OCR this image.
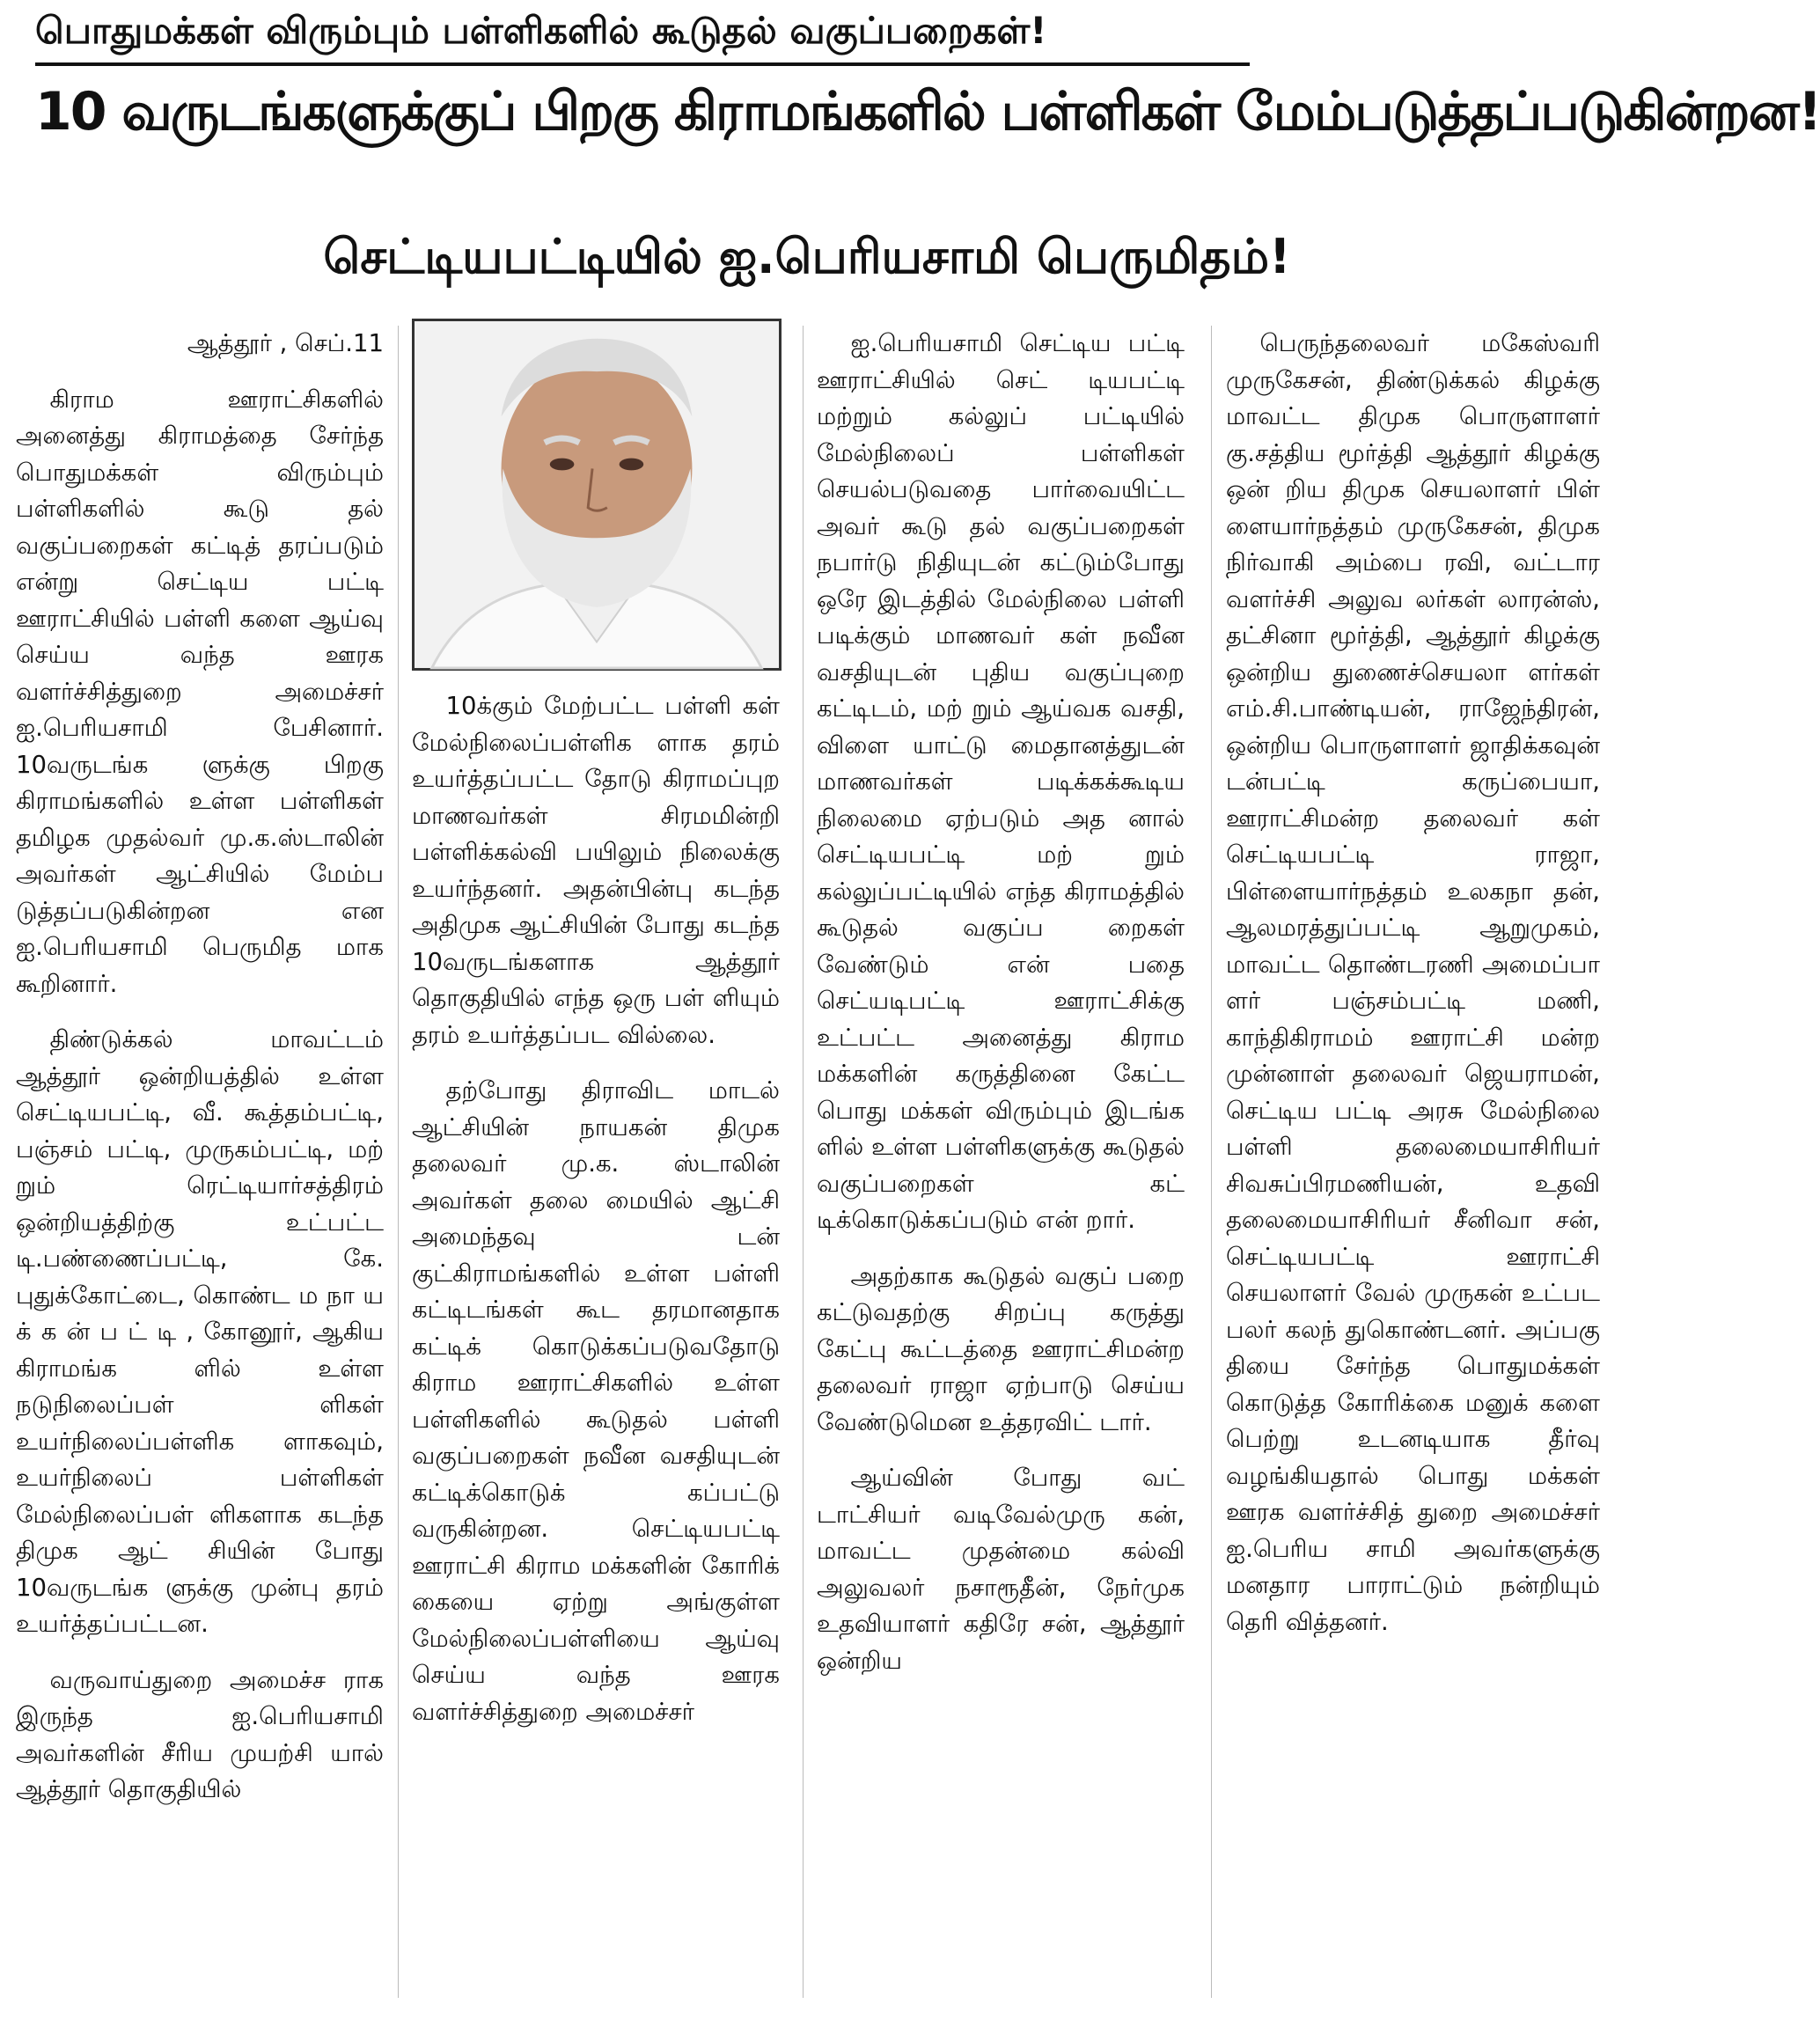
பொதுமக்கள் விரும்பும் பள்ளிகளில் கூடுதல் வகுப்பறைகள்!
10 வருடங்களுக்குப் பிறகு கிராமங்களில் பள்ளிகள் மேம்படுத்தப்படுகின்றன!
செட்டியபட்டியில் ஐ.பெரியசாமி பெருமிதம்!

ஆத்தூர் , செப்.11

கிராம ஊராட்சிகளில் அனைத்து கிராமத்தை சேர்ந்த பொதுமக்கள் விரும்பும் பள்ளிகளில் கூடு தல் வகுப்பறைகள் கட்டித் தரப்படும் என்று செட்டிய பட்டி ஊராட்சியில் பள்ளி களை ஆய்வு செய்ய வந்த ஊரக வளர்ச்சித்துறை அமைச்சர் ஐ.பெரியசாமி பேசினார். 10வருடங்க ளுக்கு பிறகு கிராமங்களில் உள்ள பள்ளிகள் தமிழக முதல்வர் மு.க.ஸ்டாலின் அவர்கள் ஆட்சியில் மேம்ப டுத்தப்படுகின்றன என ஐ.பெரியசாமி பெருமித மாக கூறினார்.

திண்டுக்கல் மாவட்டம் ஆத்தூர் ஒன்றியத்தில் உள்ள செட்டியபட்டி, வீ. கூத்தம்பட்டி, பஞ்சம் பட்டி, முருகம்பட்டி, மற் றும் ரெட்டியார்சத்திரம் ஒன்றியத்திற்கு உட்பட்ட டி.பண்ணைப்பட்டி, கே. புதுக்கோட்டை, கொண்ட ம நா ய க் க ன் ப ட் டி , கோனூர், ஆகிய கிராமங்க ளில் உள்ள நடுநிலைப்பள் ளிகள் உயர்நிலைப்பள்ளிக ளாகவும், உயர்நிலைப் பள்ளிகள் மேல்நிலைப்பள் ளிகளாக கடந்த திமுக ஆட் சியின் போது 10வருடங்க ளுக்கு முன்பு தரம் உயர்த்தப்பட்டன.

வருவாய்துறை அமைச்ச ராக இருந்த ஐ.பெரியசாமி அவர்களின் சீரிய முயற்சி யால் ஆத்தூர் தொகுதியில்

10க்கும் மேற்பட்ட பள்ளி கள் மேல்நிலைப்பள்ளிக ளாக தரம் உயர்த்தப்பட்ட தோடு கிராமப்புற மாணவர்கள் சிரமமின்றி பள்ளிக்கல்வி பயிலும் நிலைக்கு உயர்ந்தனர். அதன்பின்பு கடந்த அதிமுக ஆட்சியின் போது கடந்த 10வருடங்களாக ஆத்தூர் தொகுதியில் எந்த ஒரு பள் ளியும் தரம் உயர்த்தப்பட வில்லை.

தற்போது திராவிட மாடல் ஆட்சியின் நாயகன் திமுக தலைவர் மு.க. ஸ்டாலின் அவர்கள் தலை மையில் ஆட்சி அமைந்தவு டன் குட்கிராமங்களில் உள்ள பள்ளி கட்டிடங்கள் கூட தரமானதாக கட்டிக் கொடுக்கப்படுவதோடு கிராம ஊராட்சிகளில் உள்ள பள்ளிகளில் கூடுதல் பள்ளி வகுப்பறைகள் நவீன வசதியுடன் கட்டிக்கொடுக் கப்பட்டு வருகின்றன. செட்டியபட்டி ஊராட்சி கிராம மக்களின் கோரிக் கையை ஏற்று அங்குள்ள மேல்நிலைப்பள்ளியை ஆய்வு செய்ய வந்த ஊரக வளர்ச்சித்துறை அமைச்சர்

ஐ.பெரியசாமி செட்டிய பட்டி ஊராட்சியில் செட் டியபட்டி மற்றும் கல்லுப் பட்டியில் மேல்நிலைப் பள்ளிகள் செயல்படுவதை பார்வையிட்ட அவர் கூடு தல் வகுப்பறைகள் நபார்டு நிதியுடன் கட்டும்போது ஒரே இடத்தில் மேல்நிலை பள்ளி படிக்கும் மாணவர் கள் நவீன வசதியுடன் புதிய வகுப்புறை கட்டிடம், மற் றும் ஆய்வக வசதி, விளை யாட்டு மைதானத்துடன் மாணவர்கள் படிக்கக்கூடிய நிலைமை ஏற்படும் அத னால் செட்டியபட்டி மற் றும் கல்லுப்பட்டியில் எந்த கிராமத்தில் கூடுதல் வகுப்ப றைகள் வேண்டும் என் பதை செட்யடிபட்டி ஊராட்சிக்கு உட்பட்ட அனைத்து கிராம மக்களின் கருத்தினை கேட்ட பொது மக்கள் விரும்பும் இடங்க ளில் உள்ள பள்ளிகளுக்கு கூடுதல் வகுப்பறைகள் கட் டிக்கொடுக்கப்படும் என் றார்.

அதற்காக கூடுதல் வகுப் பறை கட்டுவதற்கு சிறப்பு கருத்து கேட்பு கூட்டத்தை ஊராட்சிமன்ற தலைவர் ராஜா ஏற்பாடு செய்ய வேண்டுமென உத்தரவிட் டார்.

ஆய்வின் போது வட் டாட்சியர் வடிவேல்முரு கன், மாவட்ட முதன்மை கல்வி அலுவலர் நசாரூதீன், நேர்முக உதவியாளர் கதிரே சன், ஆத்தூர் ஒன்றிய

பெருந்தலைவர் மகேஸ்வரி முருகேசன், திண்டுக்கல் கிழக்கு மாவட்ட திமுக பொருளாளர் கு.சத்திய மூர்த்தி ஆத்தூர் கிழக்கு ஒன் றிய திமுக செயலாளர் பிள் ளையார்நத்தம் முருகேசன், திமுக நிர்வாகி அம்பை ரவி, வட்டார வளர்ச்சி அலுவ லர்கள் லாரன்ஸ், தட்சினா மூர்த்தி, ஆத்தூர் கிழக்கு ஒன்றிய துணைச்செயலா ளர்கள் எம்.சி.பாண்டியன், ராஜேந்திரன், ஒன்றிய பொருளாளர் ஜாதிக்கவுன் டன்பட்டி கருப்பையா, ஊராட்சிமன்ற தலைவர் கள் செட்டியபட்டி ராஜா, பிள்ளையார்நத்தம் உலகநா தன், ஆலமரத்துப்பட்டி ஆறுமுகம், மாவட்ட தொண்டரணி அமைப்பா ளர் பஞ்சம்பட்டி மணி, காந்திகிராமம் ஊராட்சி மன்ற முன்னாள் தலைவர் ஜெயராமன், செட்டிய பட்டி அரசு மேல்நிலை பள்ளி தலைமையாசிரியர் சிவசுப்பிரமணியன், உதவி தலைமையாசிரியர் சீனிவா சன், செட்டியபட்டி ஊராட்சி செயலாளர் வேல் முருகன் உட்பட பலர் கலந் துகொண்டனர். அப்பகு தியை சேர்ந்த பொதுமக்கள் கொடுத்த கோரிக்கை மனுக் களை பெற்று உடனடியாக தீர்வு வழங்கியதால் பொது மக்கள் ஊரக வளர்ச்சித் துறை அமைச்சர் ஐ.பெரிய சாமி அவர்களுக்கு மனதார பாராட்டும் நன்றியும் தெரி வித்தனர்.
